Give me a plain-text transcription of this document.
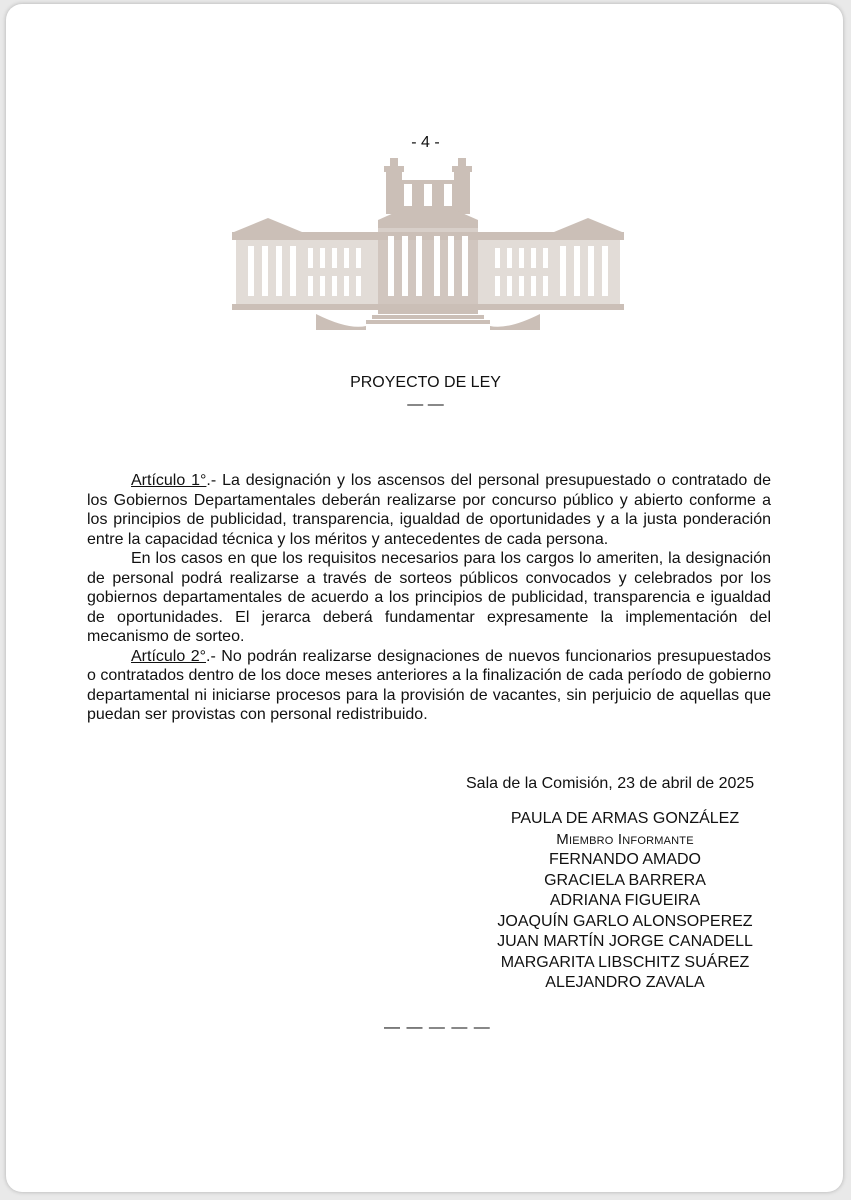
- 4 -
PROYECTO DE LEY
— —

Artículo 1°.- La designación y los ascensos del personal presupuestado o contratado de los Gobiernos Departamentales deberán realizarse por concurso público y abierto conforme a los principios de publicidad, transparencia, igualdad de oportunidades y a la justa ponderación entre la capacidad técnica y los méritos y antecedentes de cada persona.

En los casos en que los requisitos necesarios para los cargos lo ameriten, la designación de personal podrá realizarse a través de sorteos públicos convocados y celebrados por los gobiernos departamentales de acuerdo a los principios de publicidad, transparencia e igualdad de oportunidades. El jerarca deberá fundamentar expresamente la implementación del mecanismo de sorteo.

Artículo 2°.- No podrán realizarse designaciones de nuevos funcionarios presupuestados o contratados dentro de los doce meses anteriores a la finalización de cada período de gobierno departamental ni iniciarse procesos para la provisión de vacantes, sin perjuicio de aquellas que puedan ser provistas con personal redistribuido.

Sala de la Comisión, 23 de abril de 2025
PAULA DE ARMAS GONZÁLEZ
Miembro Informante
FERNANDO AMADO
GRACIELA BARRERA
ADRIANA FIGUEIRA
JOAQUÍN GARLO ALONSOPEREZ
JUAN MARTÍN JORGE CANADELL
MARGARITA LIBSCHITZ SUÁREZ
ALEJANDRO ZAVALA
— — — — —
